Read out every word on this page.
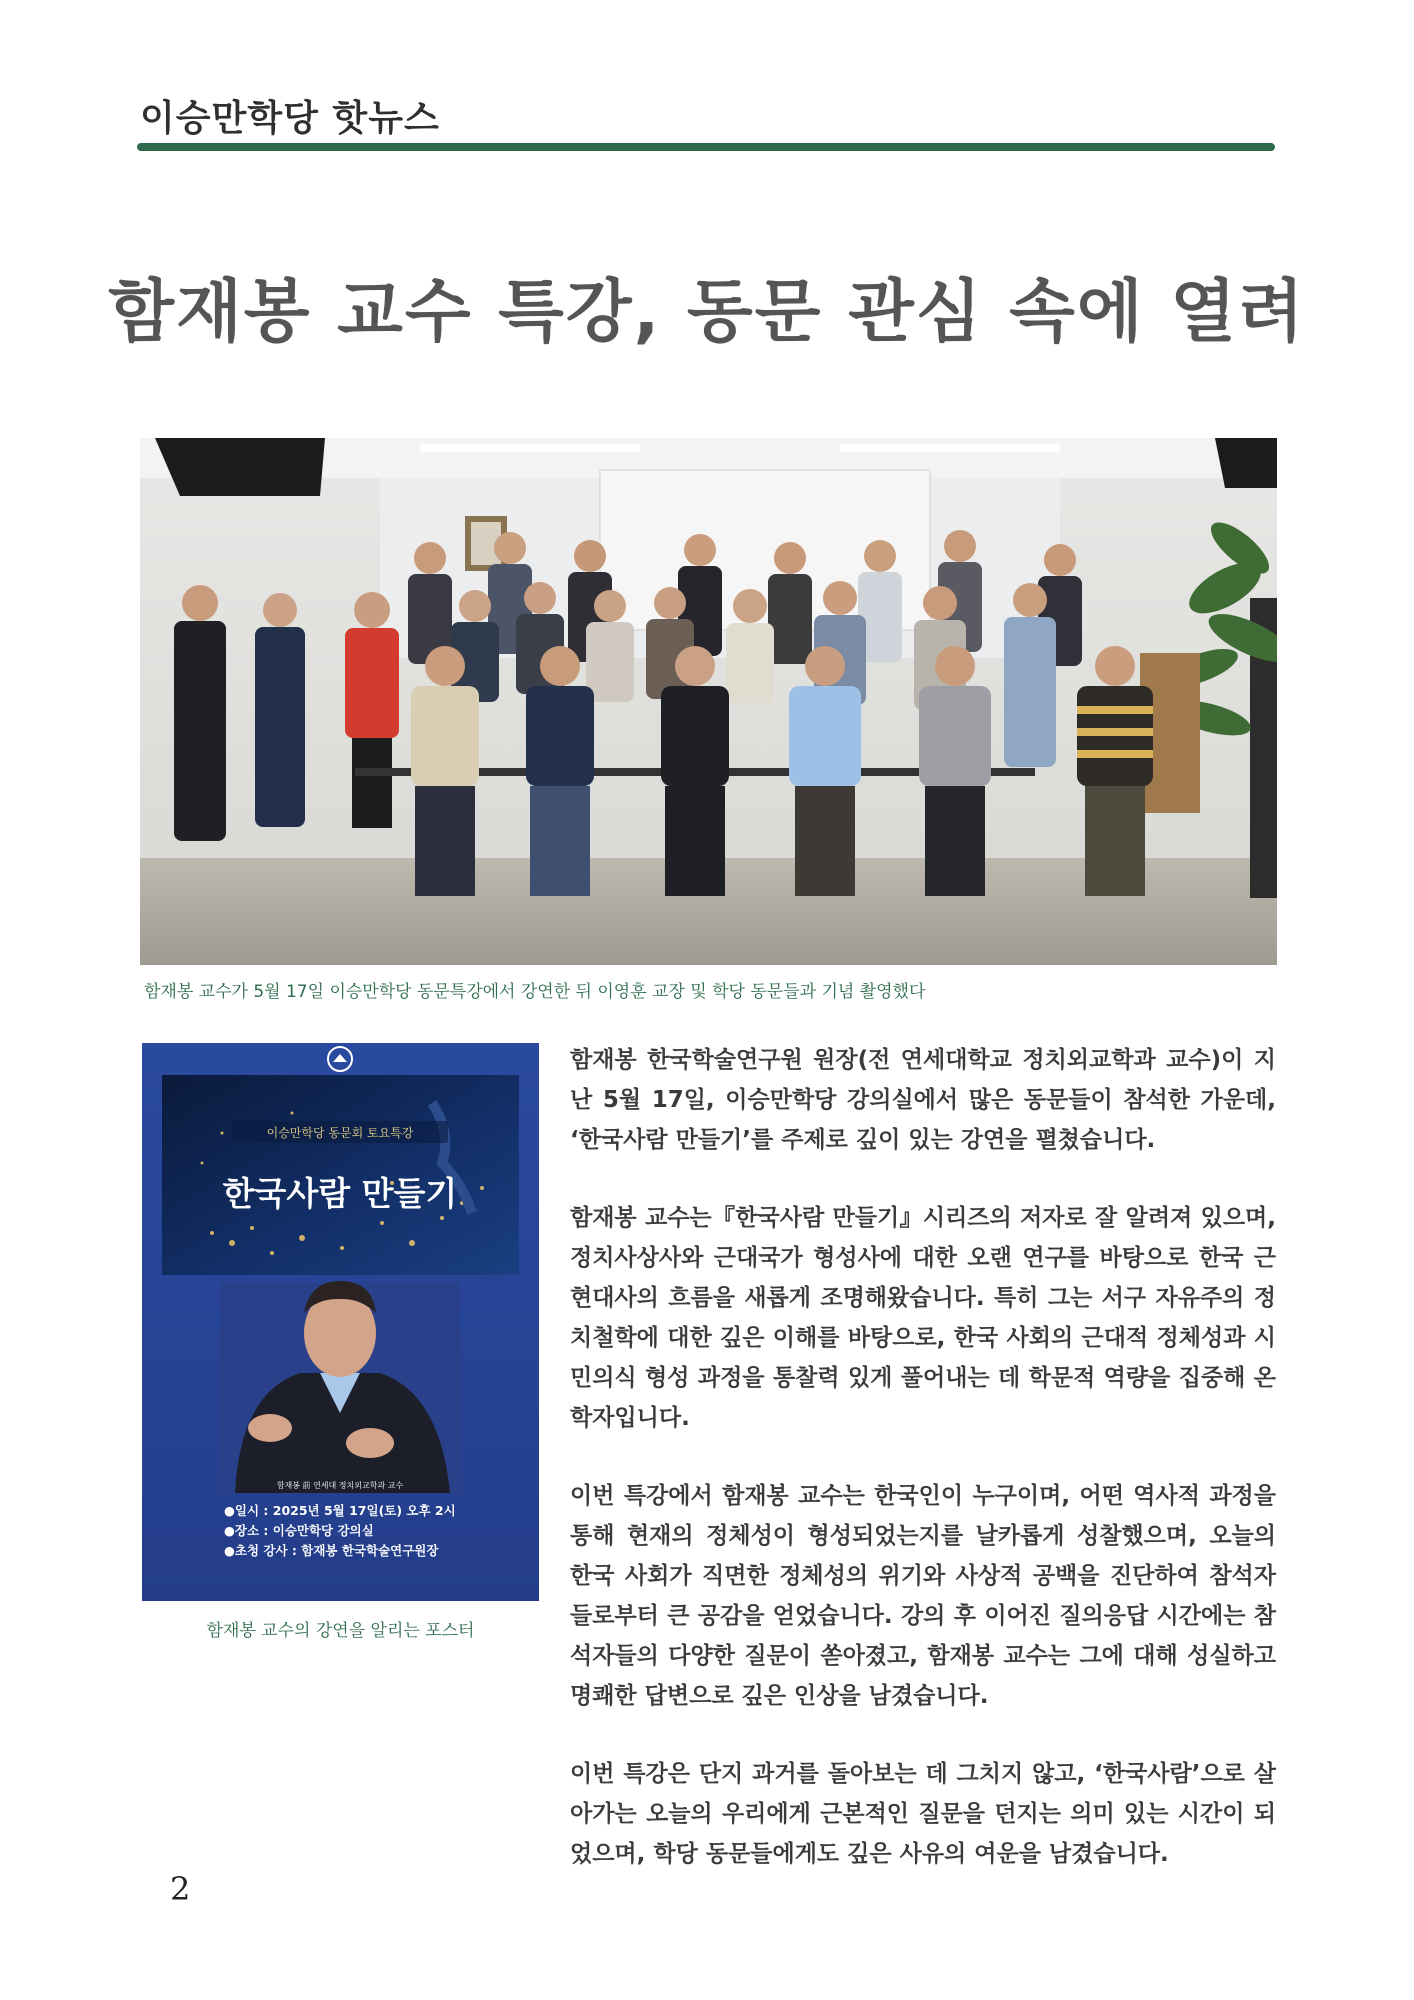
이승만학당 핫뉴스
함재봉 교수 특강, 동문 관심 속에 열려
함재봉 교수가 5월 17일 이승만학당 동문특강에서 강연한 뒤 이영훈 교장 및 학당 동문들과 기념 촬영했다
이승만학당 동문회 토요특강
한국사람 만들기
함재봉 前 연세대 정치외교학과 교수
●일시 : 2025년 5월 17일(토) 오후 2시
●장소 : 이승만학당 강의실
●초청 강사 : 함재봉 한국학술연구원장
함재봉 교수의 강연을 알리는 포스터

함재봉 한국학술연구원 원장(전 연세대학교 정치외교학과 교수)이 지난 5월 17일, 이승만학당 강의실에서 많은 동문들이 참석한 가운데, ‘한국사람 만들기’를 주제로 깊이 있는 강연을 펼쳤습니다.

함재봉 교수는『한국사람 만들기』시리즈의 저자로 잘 알려져 있으며, 정치사상사와 근대국가 형성사에 대한 오랜 연구를 바탕으로 한국 근현대사의 흐름을 새롭게 조명해왔습니다. 특히 그는 서구 자유주의 정치철학에 대한 깊은 이해를 바탕으로, 한국 사회의 근대적 정체성과 시민의식 형성 과정을 통찰력 있게 풀어내는 데 학문적 역량을 집중해 온 학자입니다.

이번 특강에서 함재봉 교수는 한국인이 누구이며, 어떤 역사적 과정을 통해 현재의 정체성이 형성되었는지를 날카롭게 성찰했으며, 오늘의 한국 사회가 직면한 정체성의 위기와 사상적 공백을 진단하여 참석자들로부터 큰 공감을 얻었습니다. 강의 후 이어진 질의응답 시간에는 참석자들의 다양한 질문이 쏟아졌고, 함재봉 교수는 그에 대해 성실하고 명쾌한 답변으로 깊은 인상을 남겼습니다.

이번 특강은 단지 과거를 돌아보는 데 그치지 않고, ‘한국사람’으로 살아가는 오늘의 우리에게 근본적인 질문을 던지는 의미 있는 시간이 되었으며, 학당 동문들에게도 깊은 사유의 여운을 남겼습니다.

2
